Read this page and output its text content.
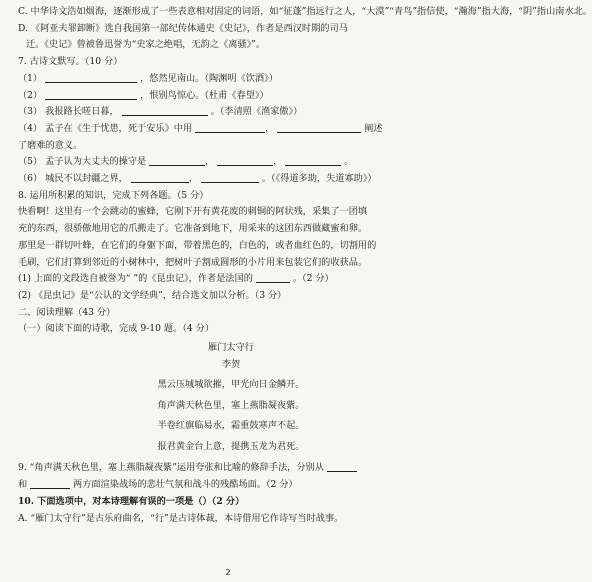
C. 中华诗文浩如烟海，逐渐形成了一些表意相对固定的词语，如“征蓬”指远行之人，“大漠”“青鸟”指信使，“瀚海”指大海，“阴”指山南水北。
D. 《阿亚夫罪卸断》选自我国第一部纪传体通史《史记》，作者是西汉时期的司马
迁。《史记》曾被鲁迅誉为“史家之绝唱，无韵之《离骚》”。
7. 古诗文默写。（10 分）
（1）	，悠然见南山。（陶渊明《饮酒》）
（2）	，恨别鸟惊心。（杜甫《春望》）
（3） 我报路长嗟日暮，	。（李清照《渔家傲》）
（4） 孟子在《生于忧患，死于安乐》中用	，	阐述
了磨难的意义。
（5） 孟子认为大丈夫的操守是	，	，	。
（6） 城民不以封疆之界，	，	。（《得道多助，失道寡助》）
8. 运用所积累的知识，完成下列各题。（5 分）
快看啊！这里有一个会跳动的蜜蜂，它刚下开有黄花废的刺铜的阿状残，采集了一团填
充的东西，很骄傲地用它的爪搬走了。它准备到地下，用采来的这团东西做藏蜜和卵。
那里是一群切叶蜂，在它们的身躯下面，带着黑色的，白色的，或者血红色的，切割用的
毛刷，它们打算到邻近的小树林中，把树叶子割成圆形的小片用来包装它们的收获品。
(1) 上面的文段选自被誉为“ ”的《昆虫记》，作者是法国的	。（2 分）
(2) 《昆虫记》是“公认的文学经典”，结合选文加以分析。（3 分）
二、阅读理解（43 分）
（一）阅读下面的诗歌，完成 9-10 题。（4 分）
雁门太守行
李贺
黑云压城城欲摧，甲光向日金鳞开。
角声满天秋色里，塞上燕脂凝夜紫。
半卷红旗临易水，霜重鼓寒声不起。
报君黄金台上意，提携玉龙为君死。
9. “角声满天秋色里，塞上燕脂凝夜紫”运用夸张和比喻的修辞手法，分别从
和	两方面渲染战场的悲壮气氛和战斗的残酷场面。（2 分）
10. 下面选项中，对本诗理解有误的一项是（）（2 分）
A. “雁门太守行”是古乐府曲名，“行”是古诗体裁，本诗借用它作诗写当时战事。
2
